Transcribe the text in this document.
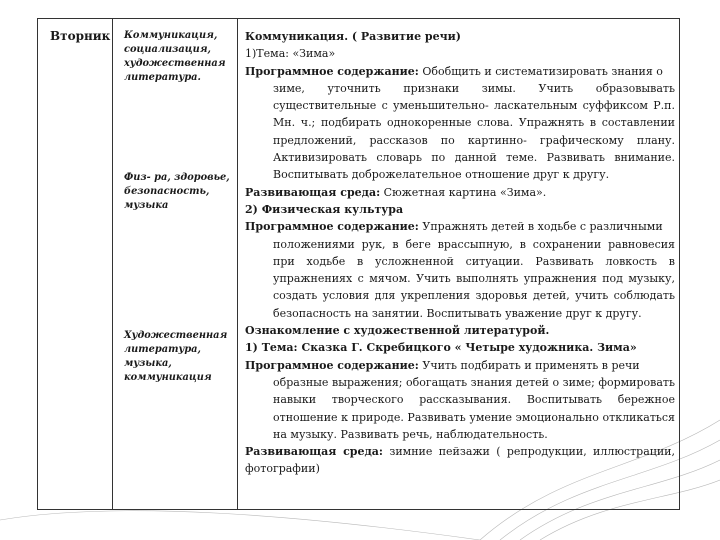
Вторник Коммуникация, социализация, художественная литература.
Физ- ра, здоровье, безопасность, музыка
Художественная литература, музыка, коммуникация

Коммуникация. ( Развитие речи)

1)Тема: «Зима»

Программное содержание: Обобщить и систематизировать знания о

зиме, уточнить признаки зимы. Учить образовывать существительные с уменьшительно- ласкательным суффиксом Р.п. Мн. ч.; подбирать однокоренные слова. Упражнять в составлении предложений, рассказов по картинно- графическому плану. Активизировать словарь по данной теме. Развивать внимание. Воспитывать доброжелательное отношение друг к другу.

Развивающая среда: Сюжетная картина «Зима».

2) Физическая культура

Программное содержание: Упражнять детей в ходьбе с различными

положениями рук, в беге врассыпную, в сохранении равновесия при ходьбе в усложненной ситуации. Развивать ловкость в упражнениях с мячом. Учить выполнять упражнения под музыку, создать условия для укрепления здоровья детей, учить соблюдать безопасность на занятии. Воспитывать уважение друг к другу.

Ознакомление с художественной литературой.

1) Тема: Сказка Г. Скребицкого « Четыре художника. Зима»

Программное содержание: Учить подбирать и применять в речи

образные выражения; обогащать знания детей о зиме; формировать навыки творческого рассказывания. Воспитывать бережное отношение к природе. Развивать умение эмоционально откликаться на музыку. Развивать речь, наблюдательность.

Развивающая среда: зимние пейзажи ( репродукции, иллюстрации, фотографии)
